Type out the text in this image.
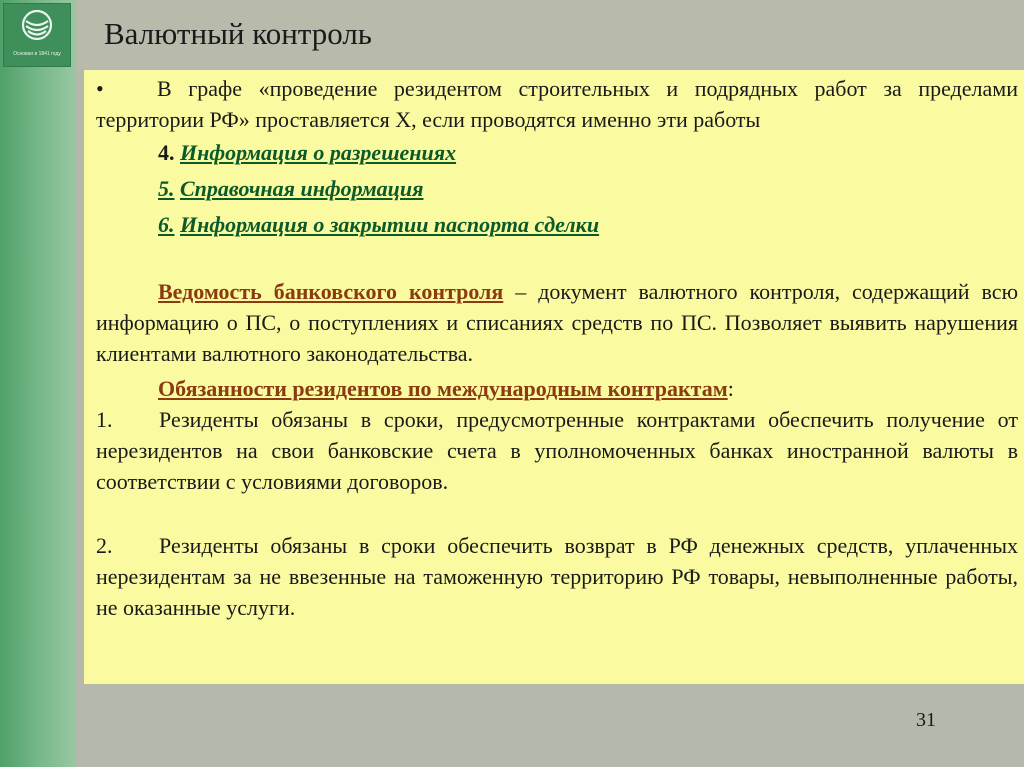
Основан в 1841 году
Валютный контроль

• В графе «проведение резидентом строительных и подрядных работ за пределами территории РФ» проставляется Х, если проводятся именно эти работы

4. Информация о разрешениях

5. Справочная информация

6. Информация о закрытии паспорта сделки

Ведомость банковского контроля – документ валютного контроля, содержащий всю информацию о ПС, о поступлениях и списаниях средств по ПС. Позволяет выявить нарушения клиентами валютного законодательства.

Обязанности резидентов по международным контрактам:

1. Резиденты обязаны в сроки, предусмотренные контрактами обеспечить получение от нерезидентов на свои банковские счета в уполномоченных банках иностранной валюты в соответствии с условиями договоров.

2. Резиденты обязаны в сроки обеспечить возврат в РФ денежных средств, уплаченных нерезидентам за не ввезенные на таможенную территорию РФ товары, невыполненные работы, не оказанные услуги.

31
